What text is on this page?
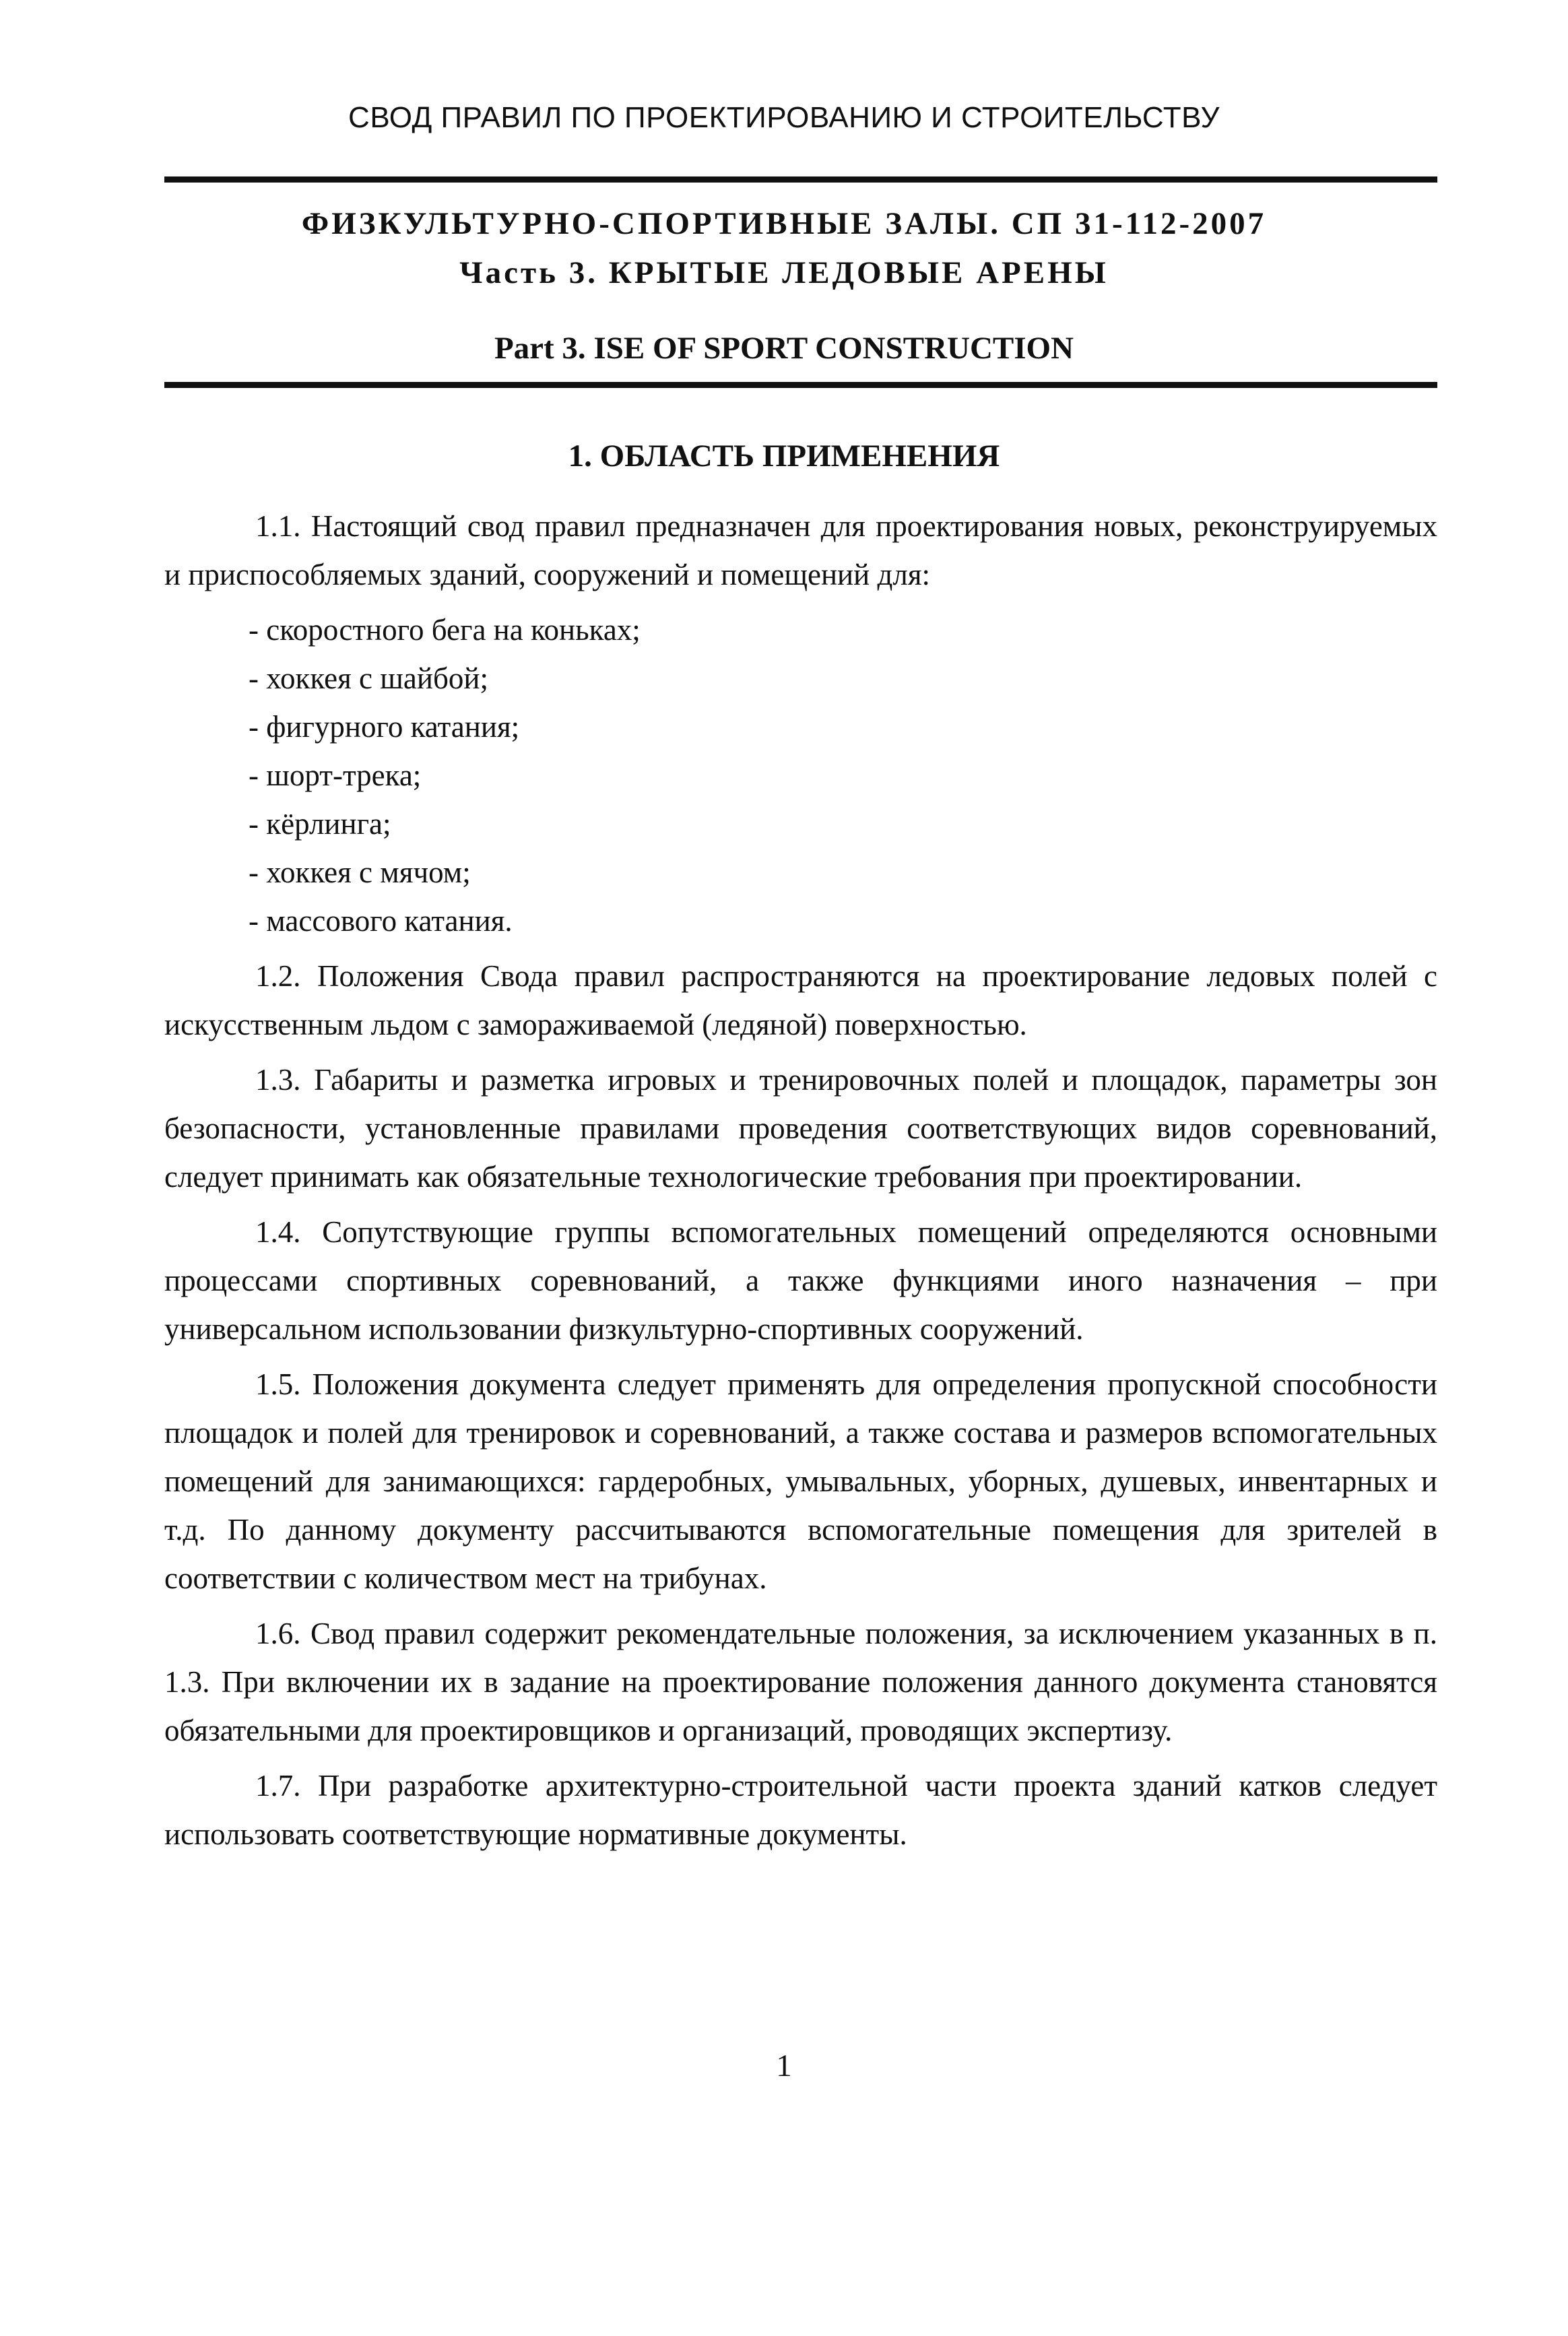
СВОД ПРАВИЛ ПО ПРОЕКТИРОВАНИЮ И СТРОИТЕЛЬСТВУ
ФИЗКУЛЬТУРНО-СПОРТИВНЫЕ ЗАЛЫ. СП 31-112-2007
Часть 3. КРЫТЫЕ ЛЕДОВЫЕ АРЕНЫ
Part 3. ISE OF SPORT CONSTRUCTION
1. ОБЛАСТЬ ПРИМЕНЕНИЯ

1.1. Настоящий свод правил предназначен для проектирования новых, реконструируемых и приспособляемых зданий, сооружений и помещений для:

- скоростного бега на коньках;

- хоккея с шайбой;

- фигурного катания;

- шорт-трека;

- кёрлинга;

- хоккея с мячом;

- массового катания.

1.2. Положения Свода правил распространяются на проектирование ледовых полей с искусственным льдом с замораживаемой (ледяной) поверхностью.

1.3. Габариты и разметка игровых и тренировочных полей и площадок, параметры зон безопасности, установленные правилами проведения соответствующих видов соревнований, следует принимать как обязательные технологические требования при проектировании.

1.4. Сопутствующие группы вспомогательных помещений определяются основными процессами спортивных соревнований, а также функциями иного назначения – при универсальном использовании физкультурно-спортивных сооружений.

1.5. Положения документа следует применять для определения пропускной способности площадок и полей для тренировок и соревнований, а также состава и размеров вспомогательных помещений для занимающихся: гардеробных, умывальных, уборных, душевых, инвентарных и т.д. По данному документу рассчитываются вспомогательные помещения для зрителей в соответствии с количеством мест на трибунах.

1.6. Свод правил содержит рекомендательные положения, за исключением указанных в п. 1.3. При включении их в задание на проектирование положения данного документа становятся обязательными для проектировщиков и организаций, проводящих экспертизу.

1.7. При разработке архитектурно-строительной части проекта зданий катков следует использовать соответствующие нормативные документы.

1
